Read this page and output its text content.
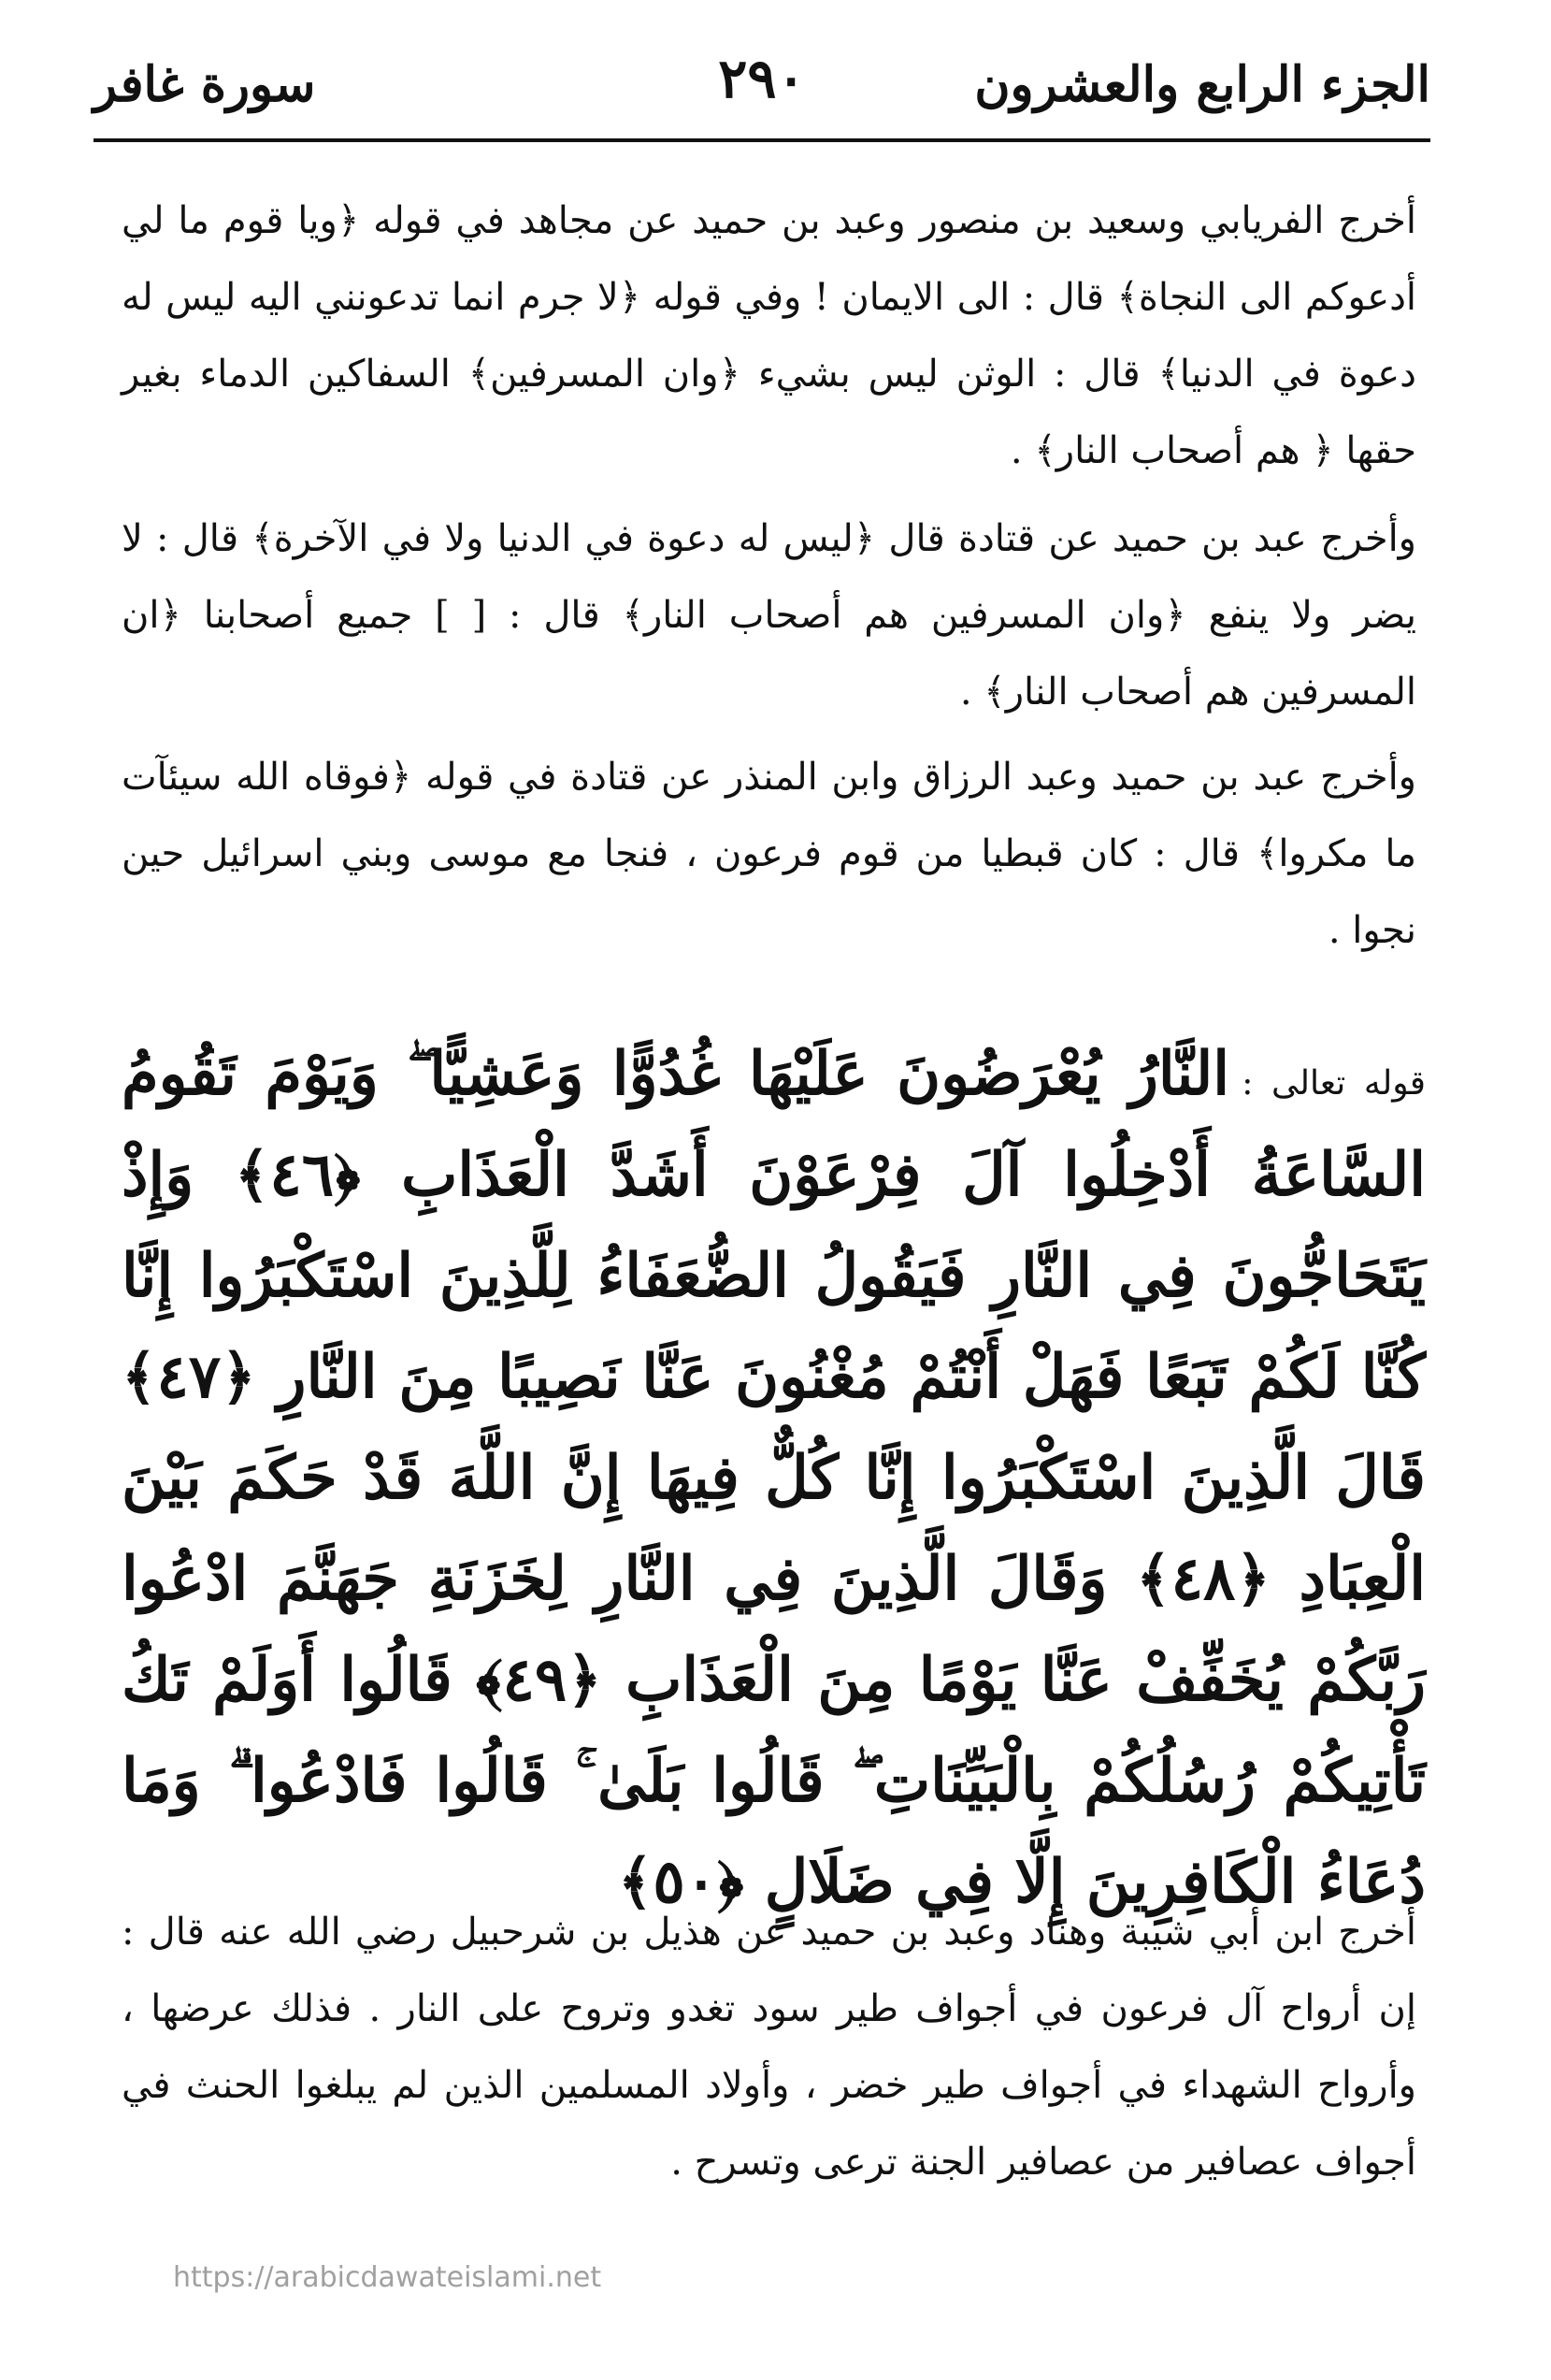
الجزء الرابع والعشرون
٢٩٠
سورة غافر

أخرج الفريابي وسعيد بن منصور وعبد بن حميد عن مجاهد في قوله ﴿ويا قوم ما لي أدعوكم الى النجاة﴾ قال : الى الايمان ! وفي قوله ﴿لا جرم انما تدعونني اليه ليس له دعوة في الدنيا﴾ قال : الوثن ليس بشيء ﴿وان المسرفين﴾ السفاكين الدماء بغير حقها ﴿ هم أصحاب النار﴾ .

وأخرج عبد بن حميد عن قتادة قال ﴿ليس له دعوة في الدنيا ولا في الآخرة﴾ قال : لا يضر ولا ينفع ﴿وان المسرفين هم أصحاب النار﴾ قال : [ ] جميع أصحابنا ﴿ان المسرفين هم أصحاب النار﴾ .

وأخرج عبد بن حميد وعبد الرزاق وابن المنذر عن قتادة في قوله ﴿فوقاه الله سيئآت ما مكروا﴾ قال : كان قبطيا من قوم فرعون ، فنجا مع موسى وبني اسرائيل حين نجوا .

قوله تعالى : النَّارُ يُعْرَضُونَ عَلَيْهَا غُدُوًّا وَعَشِيًّا ۖ وَيَوْمَ تَقُومُ السَّاعَةُ أَدْخِلُوا آلَ فِرْعَوْنَ أَشَدَّ الْعَذَابِ ﴿٤٦﴾ وَإِذْ يَتَحَاجُّونَ فِي النَّارِ فَيَقُولُ الضُّعَفَاءُ لِلَّذِينَ اسْتَكْبَرُوا إِنَّا كُنَّا لَكُمْ تَبَعًا فَهَلْ أَنْتُمْ مُغْنُونَ عَنَّا نَصِيبًا مِنَ النَّارِ ﴿٤٧﴾ قَالَ الَّذِينَ اسْتَكْبَرُوا إِنَّا كُلٌّ فِيهَا إِنَّ اللَّهَ قَدْ حَكَمَ بَيْنَ الْعِبَادِ ﴿٤٨﴾ وَقَالَ الَّذِينَ فِي النَّارِ لِخَزَنَةِ جَهَنَّمَ ادْعُوا رَبَّكُمْ يُخَفِّفْ عَنَّا يَوْمًا مِنَ الْعَذَابِ ﴿٤٩﴾ قَالُوا أَوَلَمْ تَكُ تَأْتِيكُمْ رُسُلُكُمْ بِالْبَيِّنَاتِ ۖ قَالُوا بَلَىٰ ۚ قَالُوا فَادْعُوا ۗ وَمَا دُعَاءُ الْكَافِرِينَ إِلَّا فِي ضَلَالٍ ﴿٥٠﴾

أخرج ابن أبي شيبة وهناد وعبد بن حميد عن هذيل بن شرحبيل رضي الله عنه قال : إن أرواح آل فرعون في أجواف طير سود تغدو وتروح على النار . فذلك عرضها ، وأرواح الشهداء في أجواف طير خضر ، وأولاد المسلمين الذين لم يبلغوا الحنث في أجواف عصافير من عصافير الجنة ترعى وتسرح .

https://arabicdawateislami.net
